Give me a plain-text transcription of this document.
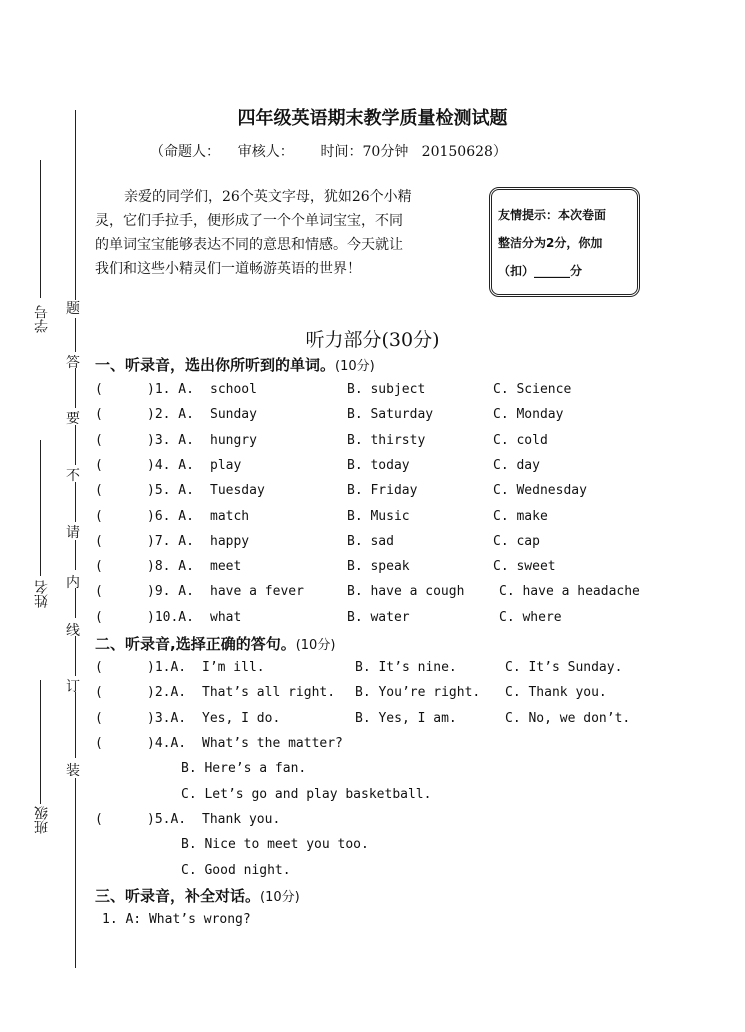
题
答
要
不
请
内
线
订
装
学号
姓名
班级
四年级英语期末教学质量检测试题
（命题人：    审核人：      时间：70分钟   20150628）
亲爱的同学们，26个英文字母，犹如26个小精
灵，它们手拉手，便形成了一个个单词宝宝，不同
的单词宝宝能够表达不同的意思和情感。今天就让
我们和这些小精灵们一道畅游英语的世界！
友情提示：本次卷面
整洁分为2分，你加
（扣）______分
听力部分(30分)
一、听录音，选出你所听到的单词。(10分)
(	)1. A. school	B. subject	C. Science
(	)2. A. Sunday	B. Saturday	C. Monday
(	)3. A. hungry	B. thirsty	C. cold
(	)4. A. play	B. today	C. day
(	)5. A. Tuesday	B. Friday	C. Wednesday
(	)6. A. match	B. Music	C. make
(	)7. A. happy	B. sad	C. cap
(	)8. A. meet	B. speak	C. sweet
(	)9. A. have a fever	B. have a cough	C. have a headache
(	)10.A. what	B. water	C. where
二、听录音,选择正确的答句。(10分)
(	)1.A. I’m ill.	B. It’s nine.	C. It’s Sunday.
(	)2.A. That’s all right. B. You’re right. C. Thank you.
(	)3.A. Yes, I do.	B. Yes, I am.	C. No, we don’t.
(	)4.A. What’s the matter?
B. Here’s a fan.
C. Let’s go and play basketball.
(	)5.A. Thank you.
B. Nice to meet you too.
C. Good night.
三、听录音，补全对话。(10分)
1. A: What’s wrong?
